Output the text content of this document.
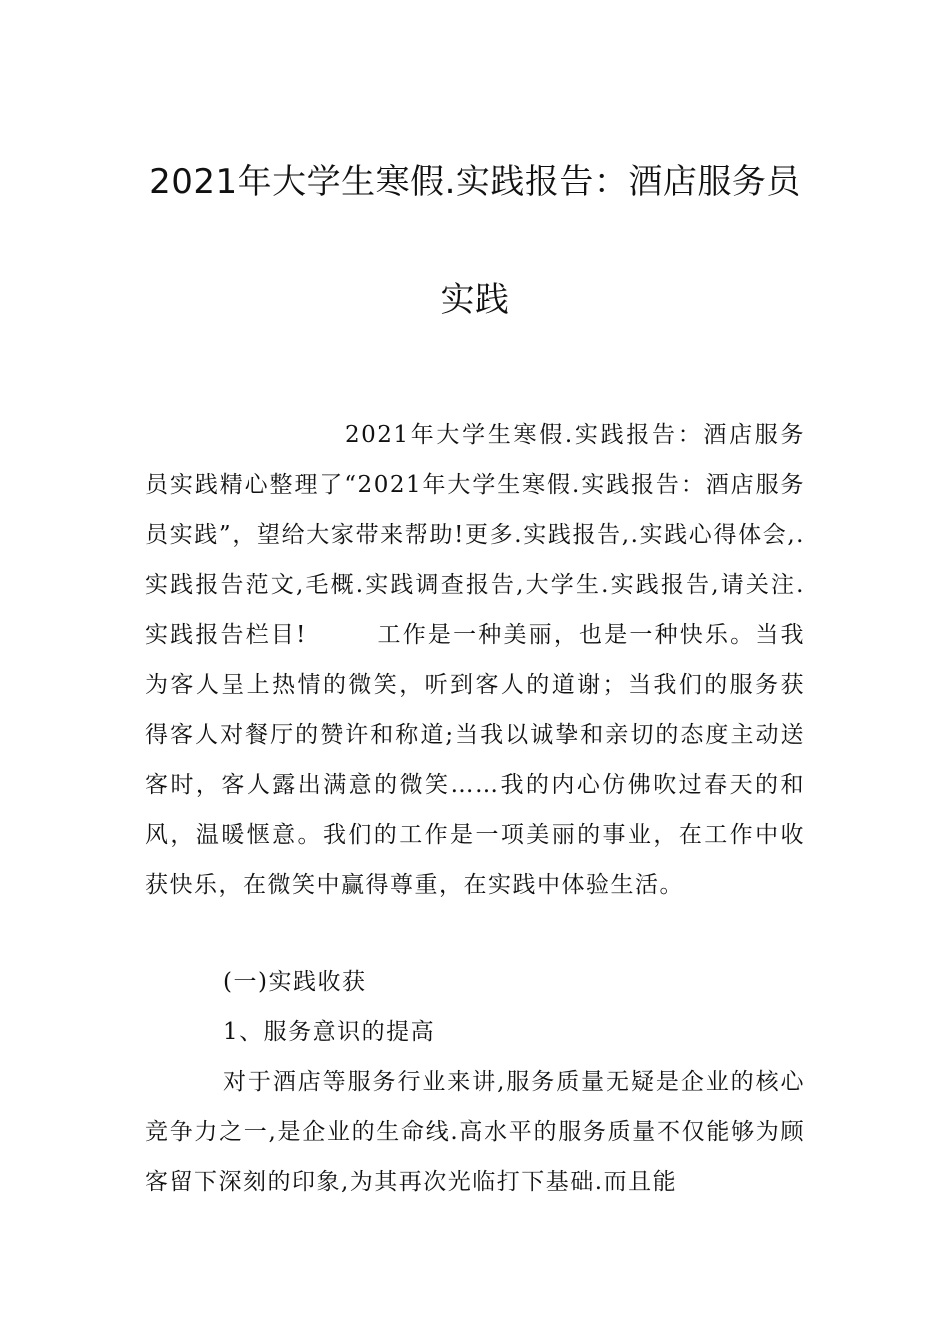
2021年大学生寒假.实践报告：酒店服务员
实践

2021年大学生寒假.实践报告：酒店服务员实践精心整理了“2021年大学生寒假.实践报告：酒店服务员实践”，望给大家带来帮助!更多.实践报告,.实践心得体会,.实践报告范文,毛概.实践调查报告,大学生.实践报告,请关注.实践报告栏目!	工作是一种美丽，也是一种快乐。当我为客人呈上热情的微笑，听到客人的道谢；当我们的服务获得客人对餐厅的赞许和称道;当我以诚挚和亲切的态度主动送客时，客人露出满意的微笑……我的内心仿佛吹过春天的和风，温暖惬意。我们的工作是一项美丽的事业，在工作中收获快乐，在微笑中赢得尊重，在实践中体验生活。

(一)实践收获

1、服务意识的提高

对于酒店等服务行业来讲,服务质量无疑是企业的核心竞争力之一,是企业的生命线.高水平的服务质量不仅能够为顾客留下深刻的印象,为其再次光临打下基础.而且能
